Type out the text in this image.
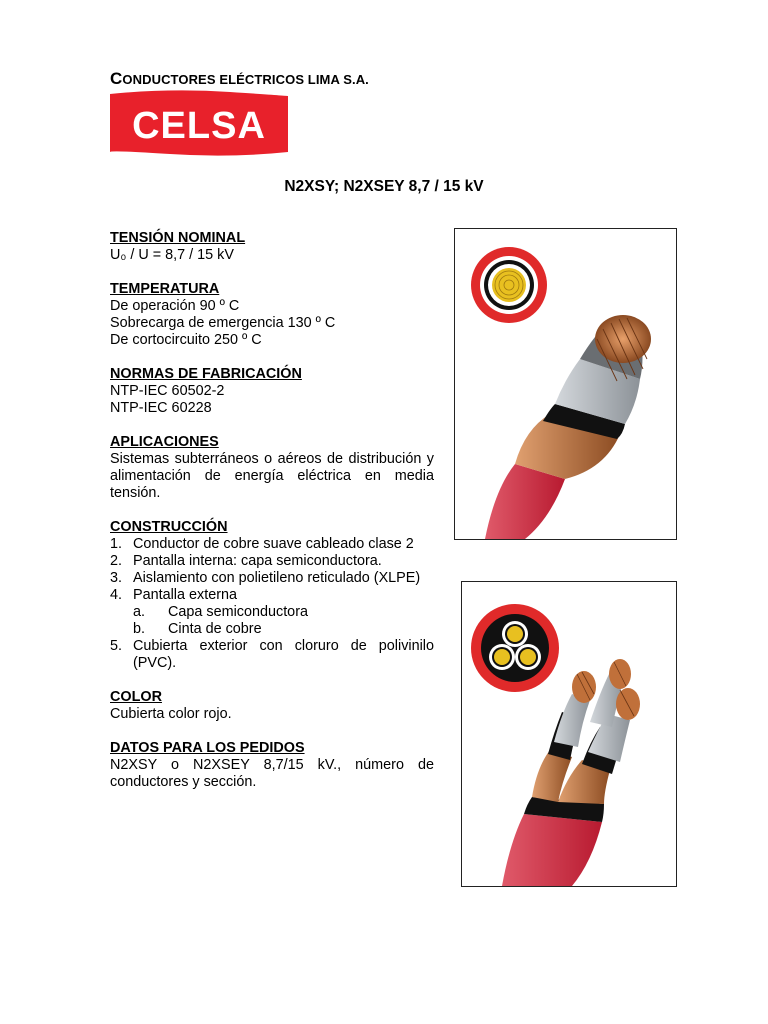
CONDUCTORES ELÉCTRICOS LIMA S.A.
CELSA
N2XSY; N2XSEY 8,7 / 15 kV
TENSIÓN NOMINAL
U₀ / U = 8,7 / 15 kV
TEMPERATURA
De operación 90 º C
Sobrecarga de emergencia 130 º C
De cortocircuito 250 º C
NORMAS DE FABRICACIÓN
NTP-IEC 60502-2
NTP-IEC 60228
APLICACIONES
Sistemas subterráneos o aéreos de distribución y alimentación de energía eléctrica en media tensión.
CONSTRUCCIÓN
1. Conductor de cobre suave cableado clase 2
2. Pantalla interna: capa semiconductora.
3. Aislamiento con polietileno reticulado (XLPE)
4. Pantalla externa
a.	Capa semiconductora
b.	Cinta de cobre
5. Cubierta exterior con cloruro de polivinilo (PVC).
COLOR
Cubierta color rojo.
DATOS PARA LOS PEDIDOS
N2XSY o N2XSEY 8,7/15 kV., número de conductores y sección.
